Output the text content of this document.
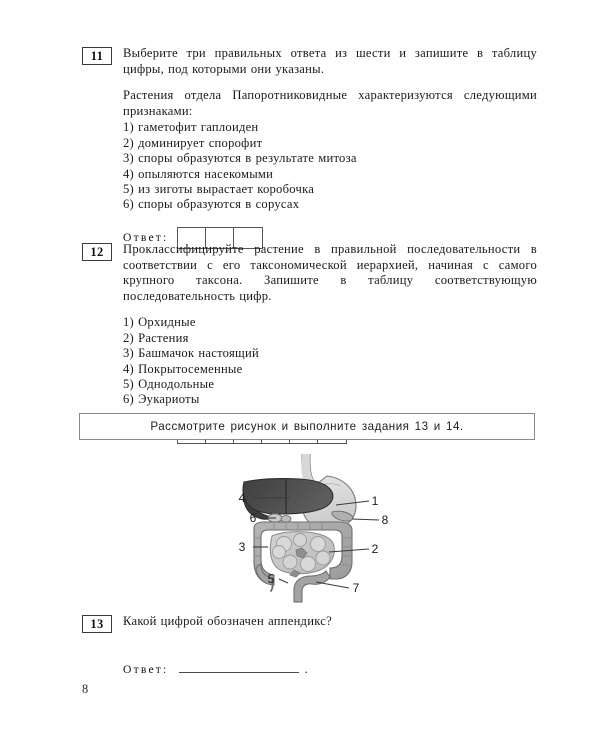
11	Выберите три правильных ответа из шести и запишите в таблицу цифры, под которыми они указаны.

Растения отдела Папоротниковидные характеризуются следующими признаками:

1) гаметофит гаплоиден
2) доминирует спорофит
3) споры образуются в результате митоза
4) опыляются насекомыми
5) из зиготы вырастает коробочка
6) споры образуются в сорусах
Ответ:
12	Проклассифицируйте растение в правильной последовательности в соответствии с его таксономической иерархией, начиная с самого крупного таксона. Запишите в таблицу соответствующую последовательность цифр.
1) Орхидные
2) Растения
3) Башмачок настоящий
4) Покрытосеменные
5) Однодольные
6) Эукариоты
Рассмотрите рисунок и выполните задания 13 и 14.
4
6
3
5
1
8
2
7
13	Какой цифрой обозначен аппендикс?
Ответ:	.
8
